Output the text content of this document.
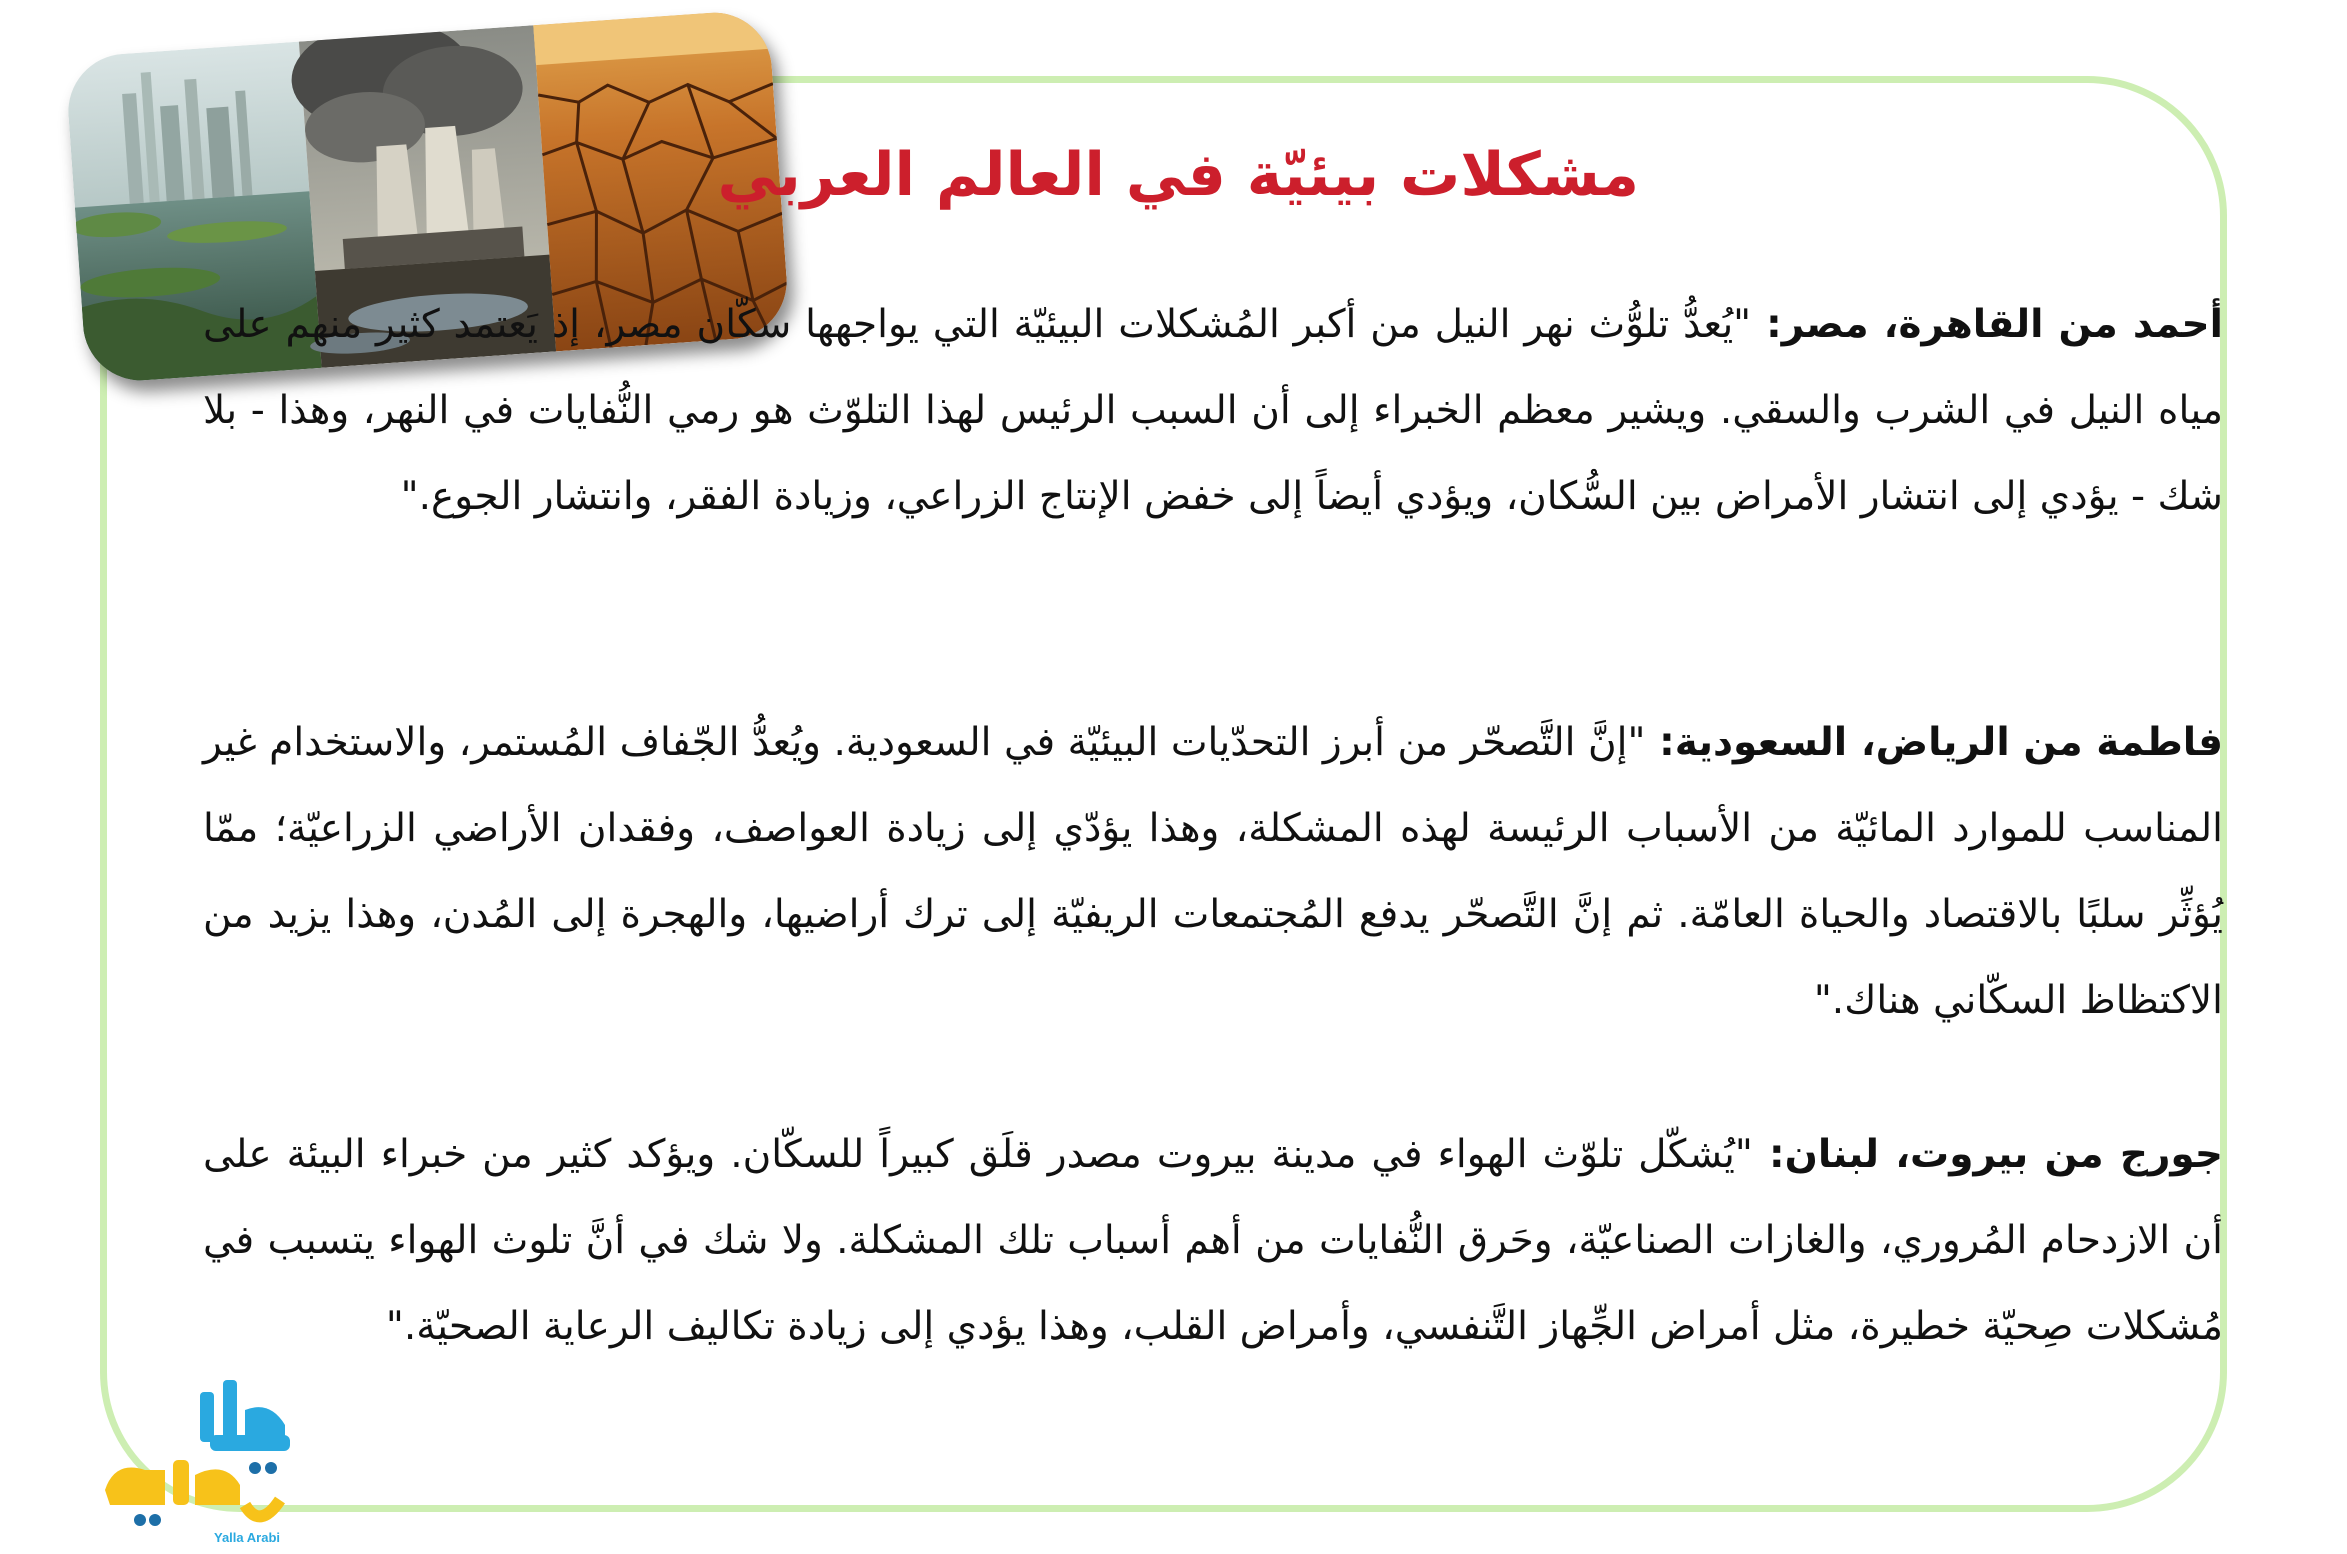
مشكلات بيئيّة في العالم العربي

أحمد من القاهرة، مصر: "يُعدُّ تلوُّث نهر النيل من أكبر المُشكلات البيئيّة التي يواجهها سكّان مصر، إذ يَعتمد كثير منهم على مياه النيل في الشرب والسقي. ويشير معظم الخبراء إلى أن السبب الرئيس لهذا التلوّث هو رمي النُّفايات في النهر، وهذا - بلا شك - يؤدي إلى انتشار الأمراض بين السُّكان، ويؤدي أيضاً إلى خفض الإنتاج الزراعي، وزيادة الفقر، وانتشار الجوع."

فاطمة من الرياض، السعودية: "إنَّ التَّصحّر من أبرز التحدّيات البيئيّة في السعودية. ويُعدُّ الجّفاف المُستمر، والاستخدام غير المناسب للموارد المائيّة من الأسباب الرئيسة لهذه المشكلة، وهذا يؤدّي إلى زيادة العواصف، وفقدان الأراضي الزراعيّة؛ ممّا يُؤثِّر سلبًا بالاقتصاد والحياة العامّة. ثم إنَّ التَّصحّر يدفع المُجتمعات الريفيّة إلى ترك أراضيها، والهجرة إلى المُدن، وهذا يزيد من الاكتظاظ السكّاني هناك."

جورج من بيروت، لبنان: "يُشكّل تلوّث الهواء في مدينة بيروت مصدر قلَق كبيراً للسكّان. ويؤكد كثير من خبراء البيئة على أن الازدحام المُروري، والغازات الصناعيّة، وحَرق النُّفايات من أهم أسباب تلك المشكلة. ولا شك في أنَّ تلوث الهواء يتسبب في مُشكلات صِحيّة خطيرة، مثل أمراض الجِّهاز التَّنفسي، وأمراض القلب، وهذا يؤدي إلى زيادة تكاليف الرعاية الصحيّة."

Yalla Arabi
